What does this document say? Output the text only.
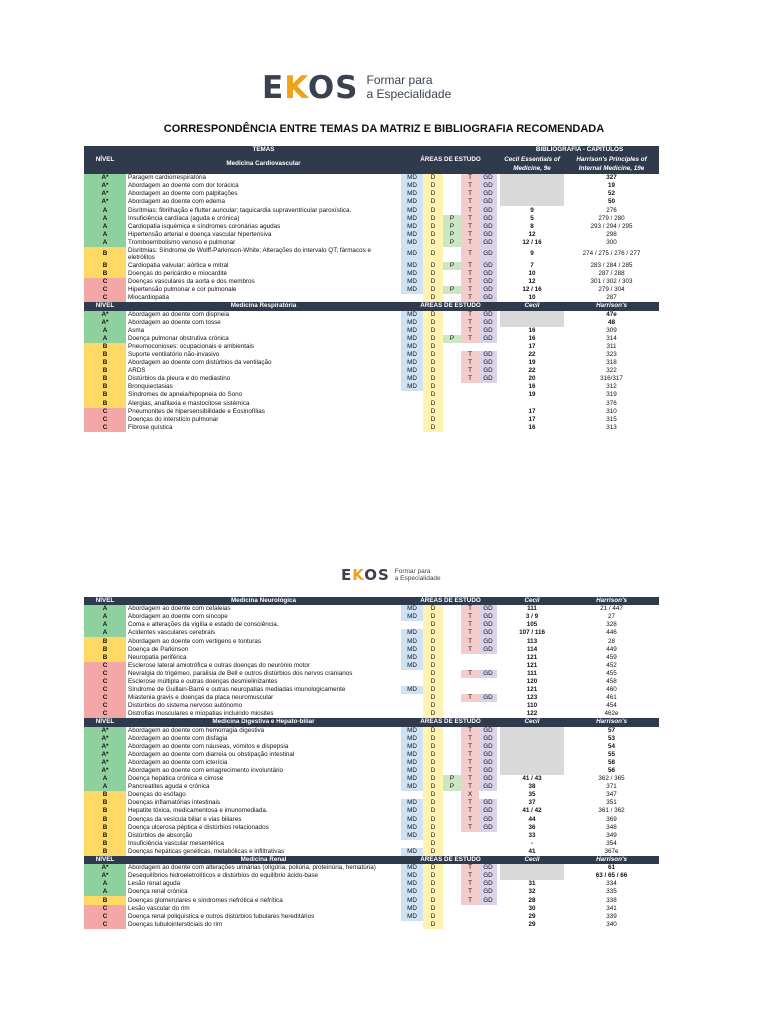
EKOS Formar para
a Especialidade
CORRESPONDÊNCIA ENTRE TEMAS DA MATRIZ E BIBLIOGRAFIA RECOMENDADA
NÍVEL	TEMAS	ÁREAS DE ESTUDO						BIBLIOGRAFIA - CAPÍTULOS	
	Medicina Cardiovascular							Cecil Essentials of Medicine, 9e	Harrison's Principles of Internal Medicine, 19e

A*	Paragem cardiorrespiratória	MD	D		T	GD			327
A*	Abordagem ao doente com dor torácica	MD	D		T	GD			19
A*	Abordagem ao doente com palpitações	MD	D		T	GD			52
A*	Abordagem ao doente com edema	MD	D		T	GD			50
A	Disritmias: fibrilhação e flutter auricular; taquicardia supraventricular paroxística.	MD	D		T	GD		9	276
A	Insuficiência cardíaca (aguda e crónica)	MD	D	P	T	GD		5	279 / 280
A	Cardiopatia isquémica e síndromes coronárias agudas	MD	D	P	T	GD		8	293 / 294 / 295
A	Hipertensão arterial e doença vascular hipertensiva	MD	D	P	T	GD		12	298
A	Tromboembolismo venoso e pulmonar	MD	D	P	T	GD		12 / 16	300
B	Disritmias: Síndrome de Wolff-Parkinson-White; Alterações do intervalo QT; fármacos e eletrólitos	MD	D		T	GD		9	274 / 275 / 276 / 277
B	Cardiopatia valvular: aórtica e mitral	MD	D	P	T	GD		7	283 / 284 / 285
B	Doenças do pericárdio e miocardite	MD	D		T	GD		10	287 / 288
C	Doenças vasculares da aorta e dos membros	MD	D		T	GD		12	301 / 302 / 303
C	Hipertensão pulmonar e cor pulmonale	MD	D	P	T	GD		12 / 16	279 / 304
C	Miocardiopatia		D		T	GD		10	287
NÍVEL	Medicina Respiratória	ÁREAS DE ESTUDO						Cecil	Harrison's
A*	Abordagem ao doente com dispneia	MD	D		T	GD			47e
A*	Abordagem ao doente com tosse	MD	D		T	GD			48
A	Asma	MD	D		T	GD		16	309
A	Doença pulmonar obstrutiva crónica	MD	D	P	T	GD		16	314
B	Pneumoconioses: ocupacionais e ambientais	MD	D					17	311
B	Suporte ventilatório não-invasivo	MD	D		T	GD		22	323
B	Abordagem ao doente com distúrbios da ventilação	MD	D		T	GD		19	318
B	ARDS	MD	D		T	GD		22	322
B	Distúrbios da pleura e do mediastino	MD	D		T	GD		20	316/317
B	Bronquiectasias	MD	D					16	312
B	Síndromes de apneia/hipopneia do Sono		D					19	319
B	Alergias, anafilaxia e mastocitose sistémica		D						376
C	Pneumonites de hipersensibilidade e Eosinofílias		D					17	310
C	Doenças do interstício pulmonar		D					17	315
C	Fibrose quística		D					16	313
EKOS Formar para
a Especialidade
NÍVEL	Medicina Neurológica	ÁREAS DE ESTUDO						Cecil	Harrison's
A	Abordagem ao doente com cefaleias	MD	D		T	GD		111	21 / 447
A	Abordagem ao doente com síncope	MD	D		T	GD		3 / 9	27
A	Coma e alterações da vigília e estado de consciência.		D		T	GD		105	328
A	Acidentes vasculares cerebrais	MD	D		T	GD		107 / 116	446
B	Abordagem ao doente com vertigens e tonturas	MD	D		T	GD		113	28
B	Doença de Parkinson	MD	D		T	GD		114	449
B	Neuropatia periférica	MD	D					121	459
C	Esclerose lateral amiotrófica e outras doenças do neurónio motor	MD	D					121	452
C	Nevralgia do trigémeo, paralisia de Bell e outros distúrbios dos nervos cranianos		D		T	GD		111	455
C	Esclerose múltipla e outras doenças desmielinizantes		D					120	458
C	Síndrome de Guillain-Barré e outras neuropatias mediadas imunologicamente	MD	D					121	460
C	Miastenia gravis e doenças da placa neuromuscular		D		T	GD		123	461
C	Distúrbios do sistema nervoso autónomo		D					110	454
C	Distrofias musculares e miopatias incluindo miosites		D					122	462e
NÍVEL	Medicina Digestiva e Hepato-biliar	ÁREAS DE ESTUDO						Cecil	Harrison's
A*	Abordagem ao doente com hemorragia digestiva	MD	D		T	GD			57
A*	Abordagem ao doente com disfagia	MD	D		T	GD			53
A*	Abordagem ao doente com náuseas, vómitos e dispepsia	MD	D		T	GD			54
A*	Abordagem ao doente com diarreia ou obstipação intestinal	MD	D		T	GD			55
A*	Abordagem ao doente com icterícia	MD	D		T	GD			58
A*	Abordagem ao doente com emagrecimento involuntário	MD	D		T	GD			56
A	Doença hepática crónica e cirrose	MD	D	P	T	GD		41 / 43	362 / 365
A	Pancreatites aguda e crónica	MD	D	P	T	GD		38	371
B	Doenças do esófago		D		X			35	347
B	Doenças inflamatórias intestinais	MD	D		T	GD		37	351
B	Hepatite tóxica, medicamentosa e imunomediada.	MD	D		T	GD		41 / 42	361 / 362
B	Doenças da vesícula biliar e vias biliares	MD	D		T	GD		44	369
B	Doença ulcerosa péptica e distúrbios relacionados	MD	D		T	GD		36	348
B	Distúrbios de absorção	MD	D					33	349
B	Insuficiência vascular mesentérica		D					-	354
B	Doenças hepáticas genéticas, metabólicas e infiltrativas	MD	D					41	367e
NÍVEL	Medicina Renal	ÁREAS DE ESTUDO						Cecil	Harrison's
A*	Abordagem ao doente com alterações urinárias (olígúria, poliúria, proteinúria, hematúria)	MD	D		T	GD			61
A*	Desequilíbrios hidroeletrolíticos e distúrbios do equilíbrio ácido-base	MD	D		T	GD			63 / 65 / 66
A	Lesão renal aguda	MD	D		T	GD		31	334
A	Doença renal crónica	MD	D		T	GD		32	335
B	Doenças glomerulares e síndromes nefrótica e nefrítica	MD	D		T	GD		28	338
C	Lesão vascular do rim	MD	D					30	341
C	Doença renal poliquística e outros distúrbios tubulares hereditários	MD	D					29	339
C	Doenças tubulointersticiais do rim		D					29	340
